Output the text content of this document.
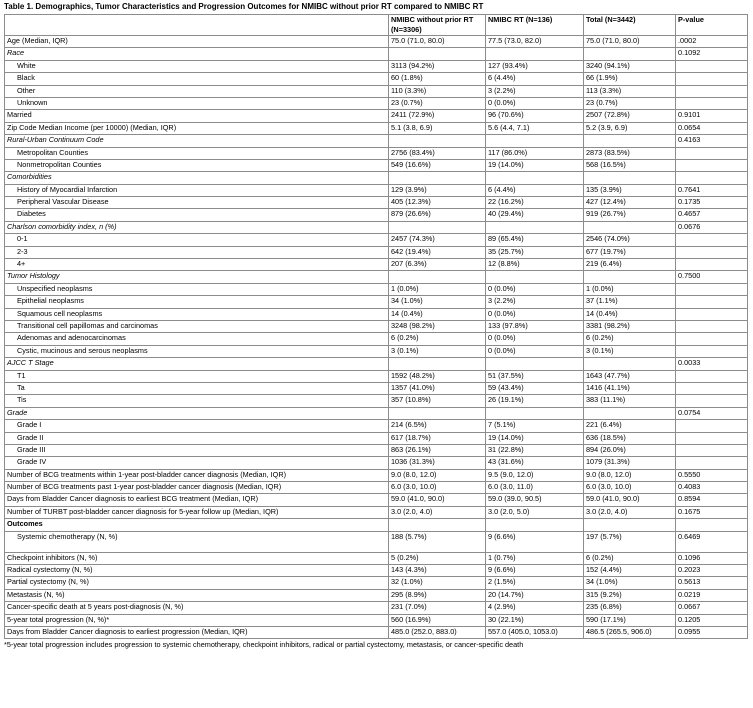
Table 1. Demographics, Tumor Characteristics and Progression Outcomes for NMIBC without prior RT compared to NMIBC RT
	NMIBC without prior RT (N=3306)	NMIBC RT (N=136)	Total (N=3442)	P-value
Age (Median, IQR)	75.0 (71.0, 80.0)	77.5 (73.0, 82.0)	75.0 (71.0, 80.0)	.0002
Race				0.1092
White	3113 (94.2%)	127 (93.4%)	3240 (94.1%)	
Black	60 (1.8%)	6 (4.4%)	66 (1.9%)	
Other	110 (3.3%)	3 (2.2%)	113 (3.3%)	
Unknown	23 (0.7%)	0 (0.0%)	23 (0.7%)	
Married	2411 (72.9%)	96 (70.6%)	2507 (72.8%)	0.9101
Zip Code Median Income (per 10000) (Median, IQR)	5.1 (3.8, 6.9)	5.6 (4.4, 7.1)	5.2 (3.9, 6.9)	0.0654
Rural-Urban Continuum Code				0.4163
Metropolitan Counties	2756 (83.4%)	117 (86.0%)	2873 (83.5%)	
Nonmetropolitan Counties	549 (16.6%)	19 (14.0%)	568 (16.5%)	
Comorbidities				
History of Myocardial Infarction	129 (3.9%)	6 (4.4%)	135 (3.9%)	0.7641
Peripheral Vascular Disease	405 (12.3%)	22 (16.2%)	427 (12.4%)	0.1735
Diabetes	879 (26.6%)	40 (29.4%)	919 (26.7%)	0.4657
Charlson comorbidity index, n (%)				0.0676
0-1	2457 (74.3%)	89 (65.4%)	2546 (74.0%)	
2-3	642 (19.4%)	35 (25.7%)	677 (19.7%)	
4+	207 (6.3%)	12 (8.8%)	219 (6.4%)	
Tumor Histology				0.7500
Unspecified neoplasms	1 (0.0%)	0 (0.0%)	1 (0.0%)	
Epithelial neoplasms	34 (1.0%)	3 (2.2%)	37 (1.1%)	
Squamous cell neoplasms	14 (0.4%)	0 (0.0%)	14 (0.4%)	
Transitional cell papillomas and carcinomas	3248 (98.2%)	133 (97.8%)	3381 (98.2%)	
Adenomas and adenocarcinomas	6 (0.2%)	0 (0.0%)	6 (0.2%)	
Cystic, mucinous and serous neoplasms	3 (0.1%)	0 (0.0%)	3 (0.1%)	
AJCC T Stage				0.0033
T1	1592 (48.2%)	51 (37.5%)	1643 (47.7%)	
Ta	1357 (41.0%)	59 (43.4%)	1416 (41.1%)	
Tis	357 (10.8%)	26 (19.1%)	383 (11.1%)	
Grade				0.0754
Grade I	214 (6.5%)	7 (5.1%)	221 (6.4%)	
Grade II	617 (18.7%)	19 (14.0%)	636 (18.5%)	
Grade III	863 (26.1%)	31 (22.8%)	894 (26.0%)	
Grade IV	1036 (31.3%)	43 (31.6%)	1079 (31.3%)	
Number of BCG treatments within 1-year post-bladder cancer diagnosis (Median, IQR)	9.0 (8.0, 12.0)	9.5 (9.0, 12.0)	9.0 (8.0, 12.0)	0.5550
Number of BCG treatments past 1-year post-bladder cancer diagnosis (Median, IQR)	6.0 (3.0, 10.0)	6.0 (3.0, 11.0)	6.0 (3.0, 10.0)	0.4083
Days from Bladder Cancer diagnosis to earliest BCG treatment (Median, IQR)	59.0 (41.0, 90.0)	59.0 (39.0, 90.5)	59.0 (41.0, 90.0)	0.8594
Number of TURBT post-bladder cancer diagnosis for 5-year follow up (Median, IQR)	3.0 (2.0, 4.0)	3.0 (2.0, 5.0)	3.0 (2.0, 4.0)	0.1675
Outcomes				
Systemic chemotherapy (N, %)	188 (5.7%)	9 (6.6%)	197 (5.7%)	0.6469
Checkpoint inhibitors (N, %)	5 (0.2%)	1 (0.7%)	6 (0.2%)	0.1096
Radical cystectomy (N, %)	143 (4.3%)	9 (6.6%)	152 (4.4%)	0.2023
Partial cystectomy (N, %)	32 (1.0%)	2 (1.5%)	34 (1.0%)	0.5613
Metastasis (N, %)	295 (8.9%)	20 (14.7%)	315 (9.2%)	0.0219
Cancer-specific death at 5 years post-diagnosis (N, %)	231 (7.0%)	4 (2.9%)	235 (6.8%)	0.0667
5-year total progression (N, %)*	560 (16.9%)	30 (22.1%)	590 (17.1%)	0.1205
Days from Bladder Cancer diagnosis to earliest progression (Median, IQR)	485.0 (252.0, 883.0)	557.0 (405.0, 1053.0)	486.5 (265.5, 906.0)	0.0955
*5-year total progression includes progression to systemic chemotherapy, checkpoint inhibitors, radical or partial cystectomy, metastasis, or cancer-specific death
